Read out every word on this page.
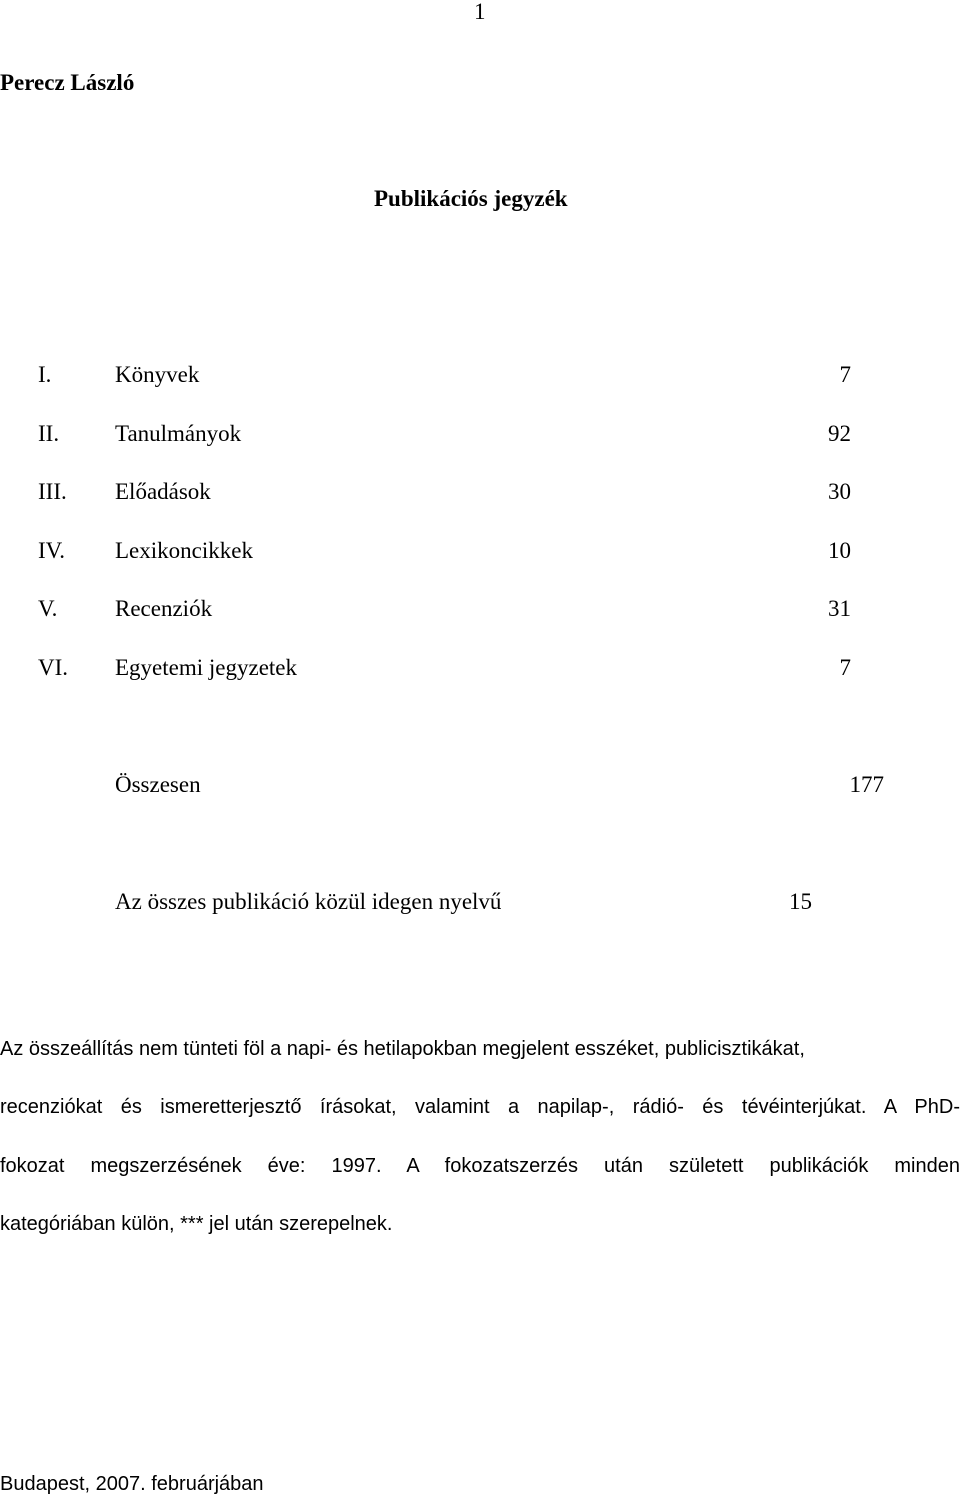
1
Perecz László
Publikációs jegyzék
I.	Könyvek	7
II. Tanulmányok	92
III. Előadások	30
IV. Lexikoncikkek	10
V.	Recenziók	31
VI. Egyetemi jegyzetek	7
Összesen	177
Az összes publikáció közül idegen nyelvű	15
Az összeállítás nem tünteti föl a napi- és hetilapokban megjelent esszéket, publicisztikákat,
recenziókat és ismeretterjesztő írásokat, valamint a napilap-, rádió- és tévéinterjúkat. A PhD-
fokozat megszerzésének éve: 1997. A fokozatszerzés után született publikációk minden
kategóriában külön, *** jel után szerepelnek.
Budapest, 2007. februárjában
